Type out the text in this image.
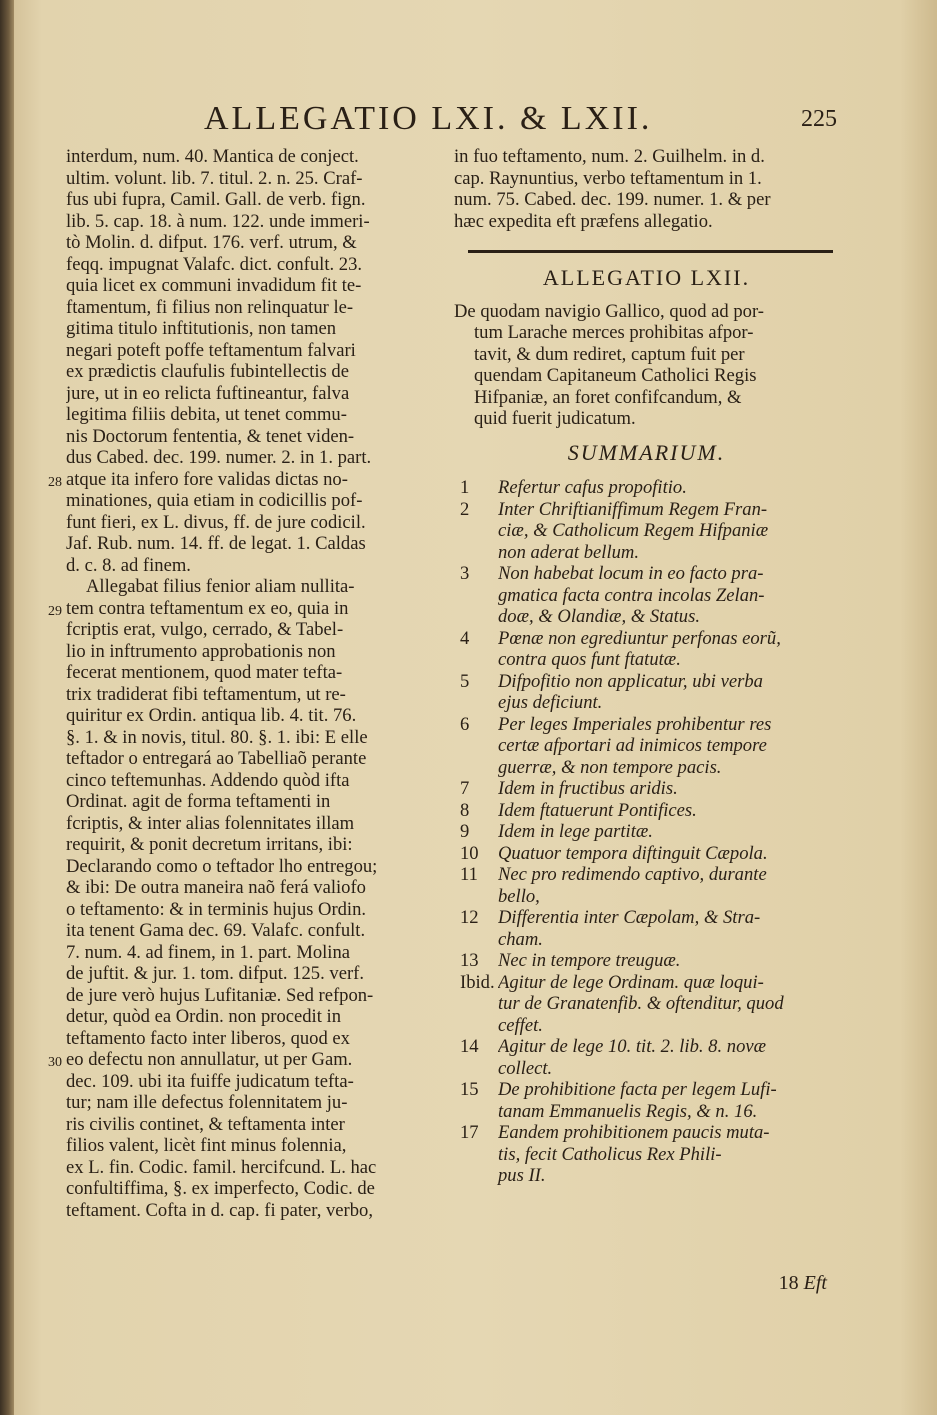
ALLEGATIO LXI. & LXII.	225
interdum, num. 40. Mantica de conject.
ultim. volunt. lib. 7. titul. 2. n. 25. Craf-
fus ubi fupra, Camil. Gall. de verb. fign.
lib. 5. cap. 18. à num. 122. unde immeri-
tò Molin. d. difput. 176. verf. utrum, &
feqq. impugnat Valafc. dict. confult. 23.
quia licet ex communi invadidum fit te-
ftamentum, fi filius non relinquatur le-
gitima titulo inftitutionis, non tamen
negari poteft poffe teftamentum falvari
ex prædictis claufulis fubintellectis de
jure, ut in eo relicta fuftineantur, falva
legitima filiis debita, ut tenet commu-
nis Doctorum fententia, & tenet viden-
dus Cabed. dec. 199. numer. 2. in 1. part.
atque ita infero fore validas dictas no-
minationes, quia etiam in codicillis pof-
funt fieri, ex L. divus, ff. de jure codicil.
Jaf. Rub. num. 14. ff. de legat. 1. Caldas
d. c. 8. ad finem.
Allegabat filius fenior aliam nullita-
tem contra teftamentum ex eo, quia in
fcriptis erat, vulgo, cerrado, & Tabel-
lio in inftrumento approbationis non
fecerat mentionem, quod mater tefta-
trix tradiderat fibi teftamentum, ut re-
quiritur ex Ordin. antiqua lib. 4. tit. 76.
§. 1. & in novis, titul. 80. §. 1. ibi: E elle
teftador o entregará ao Tabelliaõ perante
cinco teftemunhas. Addendo quòd ifta
Ordinat. agit de forma teftamenti in
fcriptis, & inter alias folennitates illam
requirit, & ponit decretum irritans, ibi:
Declarando como o teftador lho entregou;
& ibi: De outra maneira naõ ferá valiofo
o teftamento: & in terminis hujus Ordin.
ita tenent Gama dec. 69. Valafc. confult.
7. num. 4. ad finem, in 1. part. Molina
de juftit. & jur. 1. tom. difput. 125. verf.
de jure verò hujus Lufitaniæ. Sed refpon-
detur, quòd ea Ordin. non procedit in
teftamento facto inter liberos, quod ex
eo defectu non annullatur, ut per Gam.
dec. 109. ubi ita fuiffe judicatum tefta-
tur; nam ille defectus folennitatem ju-
ris civilis continet, & teftamenta inter
filios valent, licèt fint minus folennia,
ex L. fin. Codic. famil. hercifcund. L. hac
confultiffima, §. ex imperfecto, Codic. de
teftament. Cofta in d. cap. fi pater, verbo,
in fuo teftamento, num. 2. Guilhelm. in d.
cap. Raynuntius, verbo teftamentum in 1.
num. 75. Cabed. dec. 199. numer. 1. & per
hæc expedita eft præfens allegatio.
ALLEGATIO LXII.
De quodam navigio Gallico, quod ad por-
tum Larache merces prohibitas afpor-
tavit, & dum rediret, captum fuit per
quendam Capitaneum Catholici Regis
Hifpaniæ, an foret confifcandum, &
quid fuerit judicatum.
SUMMARIUM.
1	Refertur cafus propofitio.
2	Inter Chriftianiffimum Regem Fran-
ciæ, & Catholicum Regem Hifpaniæ
non aderat bellum.
3	Non habebat locum in eo facto pra-
gmatica facta contra incolas Zelan-
doæ, & Olandiæ, & Status.
4	Pœnæ non egrediuntur perfonas eorũ,
contra quos funt ftatutæ.
5	Difpofitio non applicatur, ubi verba
ejus deficiunt.
6	Per leges Imperiales prohibentur res
certæ afportari ad inimicos tempore
guerræ, & non tempore pacis.
7	Idem in fructibus aridis.
8	Idem ftatuerunt Pontifices.
9	Idem in lege partitæ.
10	Quatuor tempora diftinguit Cæpola.
11	Nec pro redimendo captivo, durante
bello,
12	Differentia inter Cæpolam, & Stra-
cham.
13	Nec in tempore treuguæ.
Ibid. Agitur de lege Ordinam. quæ loqui-
tur de Granatenfib. & oftenditur, quod
ceffet.
14	Agitur de lege 10. tit. 2. lib. 8. novæ
collect.
15	De prohibitione facta per legem Lufi-
tanam Emmanuelis Regis, & n. 16.
17	Eandem prohibitionem paucis muta-
tis, fecit Catholicus Rex Phili-
pus II.
18 Eft
28
29
30
